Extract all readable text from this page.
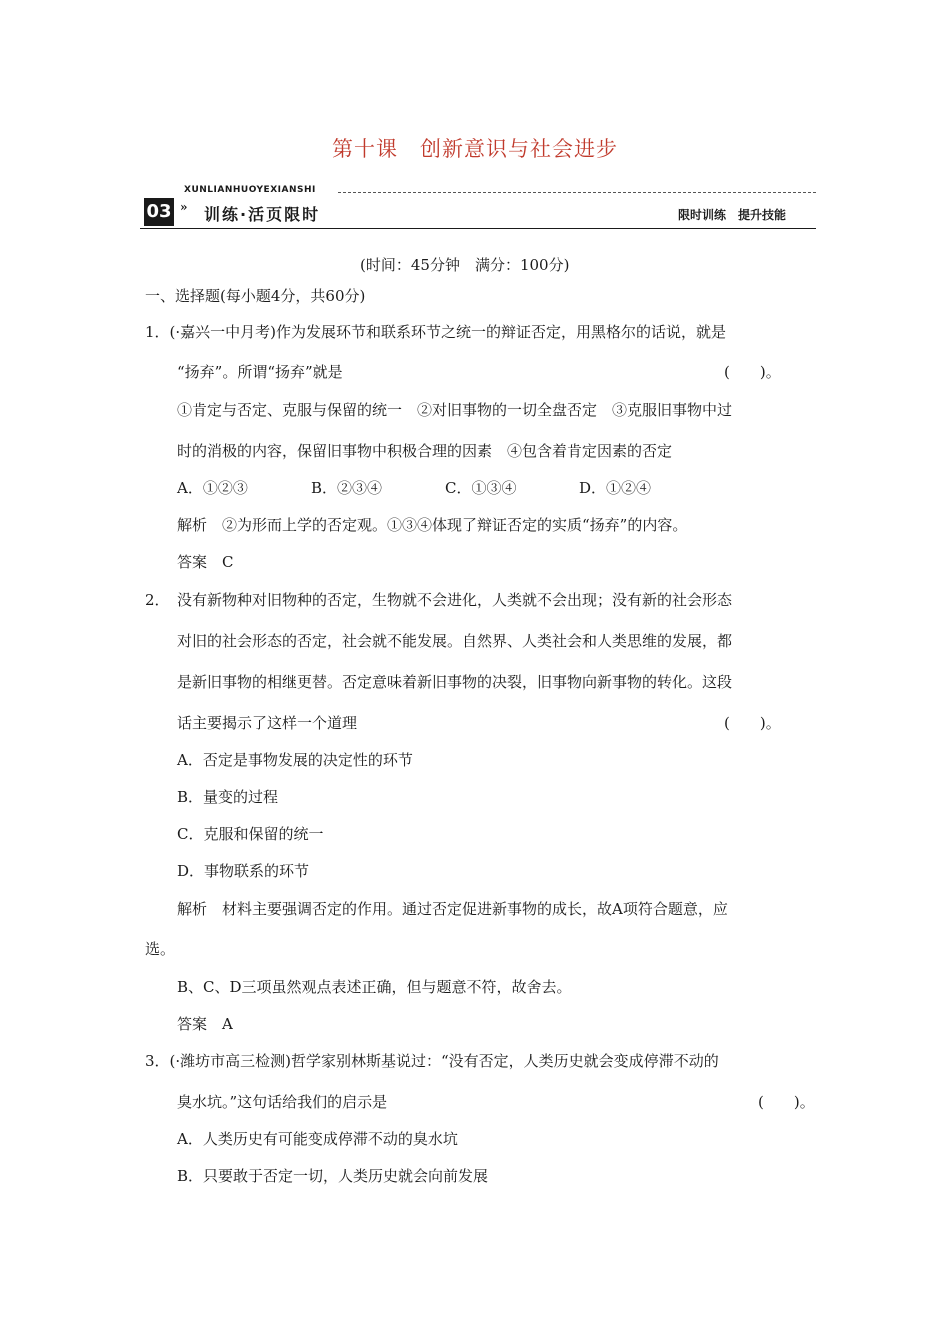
第十课　创新意识与社会进步
XUNLIANHUOYEXIANSHI
03 » 训练·活页限时	限时训练　提升技能
(时间：45分钟　满分：100分)
一、选择题(每小题4分，共60分)
1．(·嘉兴一中月考)作为发展环节和联系环节之统一的辩证否定，用黑格尔的话说，就是
“扬弃”。所谓“扬弃”就是	(　　)。
①肯定与否定、克服与保留的统一　②对旧事物的一切全盘否定　③克服旧事物中过
时的消极的内容，保留旧事物中积极合理的因素　④包含着肯定因素的否定
A．①②③	B．②③④	C．①③④	D．①②④
解析　②为形而上学的否定观。①③④体现了辩证否定的实质“扬弃”的内容。
答案　C
2．　没有新物种对旧物种的否定，生物就不会进化，人类就不会出现；没有新的社会形态
对旧的社会形态的否定，社会就不能发展。自然界、人类社会和人类思维的发展，都
是新旧事物的相继更替。否定意味着新旧事物的决裂，旧事物向新事物的转化。这段
话主要揭示了这样一个道理	(　　)。
A．否定是事物发展的决定性的环节
B．量变的过程
C．克服和保留的统一
D．事物联系的环节
解析　材料主要强调否定的作用。通过否定促进新事物的成长，故A项符合题意，应
选。
B、C、D三项虽然观点表述正确，但与题意不符，故舍去。
答案　A
3．(·潍坊市高三检测)哲学家别林斯基说过：“没有否定，人类历史就会变成停滞不动的
臭水坑。”这句话给我们的启示是	(　　)。
A．人类历史有可能变成停滞不动的臭水坑
B．只要敢于否定一切，人类历史就会向前发展
